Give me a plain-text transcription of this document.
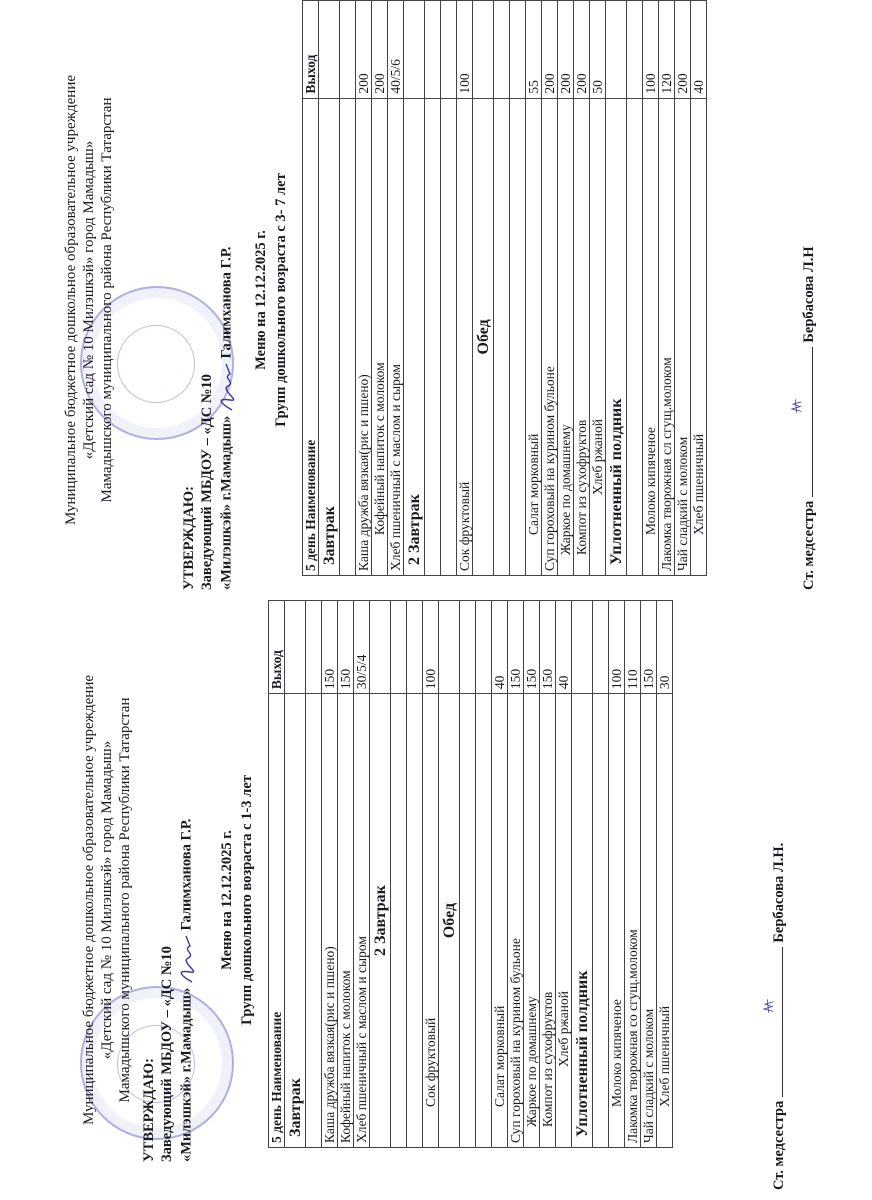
Муниципальное бюджетное дошкольное образовательное учреждение «Детский сад № 10 Милэшкэй» город Мамадыш» Мамадышского муниципального района Республики Татарстан
УТВЕРЖДАЮ: Заведующий МБДОУ – «ДС №10 «Милэшкэй» г.Мамадыш»  Галимханова Г.Р. Меню на 12.12.2025 г. Групп дошкольного возраста с 1-3 лет
5 день Наименование	Выход
Завтрак	

Каша дружба вязкая(рис и пшено)	150
Кофейный напиток с молоком	150
Хлеб пшеничный с маслом и сыром	30/5/4
2 Завтрак	

Сок фруктовый	100
Обед	

Салат морковный	40
Суп гороховый на курином бульоне	150
Жаркое по домашнему	150
Компот из сухофруктов	150
Хлеб ржаной	40
Уплотненный полдник	

Молоко кипяченое	100
Лакомка творожная со сгущ.молоком	110
Чай сладкий с молоком	150
Хлеб пшеничный	30
Ст. медсестраБербасова Л.Н.
Муниципальное бюджетное дошкольное образовательное учреждение «Детский сад № 10 Милэшкэй» город Мамадыш» Мамадышского муниципального района Республики Татарстан
УТВЕРЖДАЮ: Заведующий МБДОУ – «ДС №10 «Милэшкэй» г.Мамадыш»  Галимханова Г.Р. Меню на 12.12.2025 г. Групп дошкольного возраста с 3- 7 лет
5 день Наименование	Выход
Завтрак	

Каша дружба вязкая(рис и пшено)	200
Кофейный напиток с молоком	200
Хлеб пшеничный с маслом и сыром	40/5/6
2 Завтрак	

Сок фруктовый	100
Обед	

Салат морковный	55
Суп гороховый на курином бульоне	200
Жаркое по домашнему	200
Компот из сухофруктов	200
Хлеб ржаной	50
Уплотненный полдник	

Молоко кипяченое	100
Лакомка творожная сл сгущ.молоком	120
Чай сладкий с молоком	200
Хлеб пшеничный	40
Ст. медсестраБербасова Л.Н
